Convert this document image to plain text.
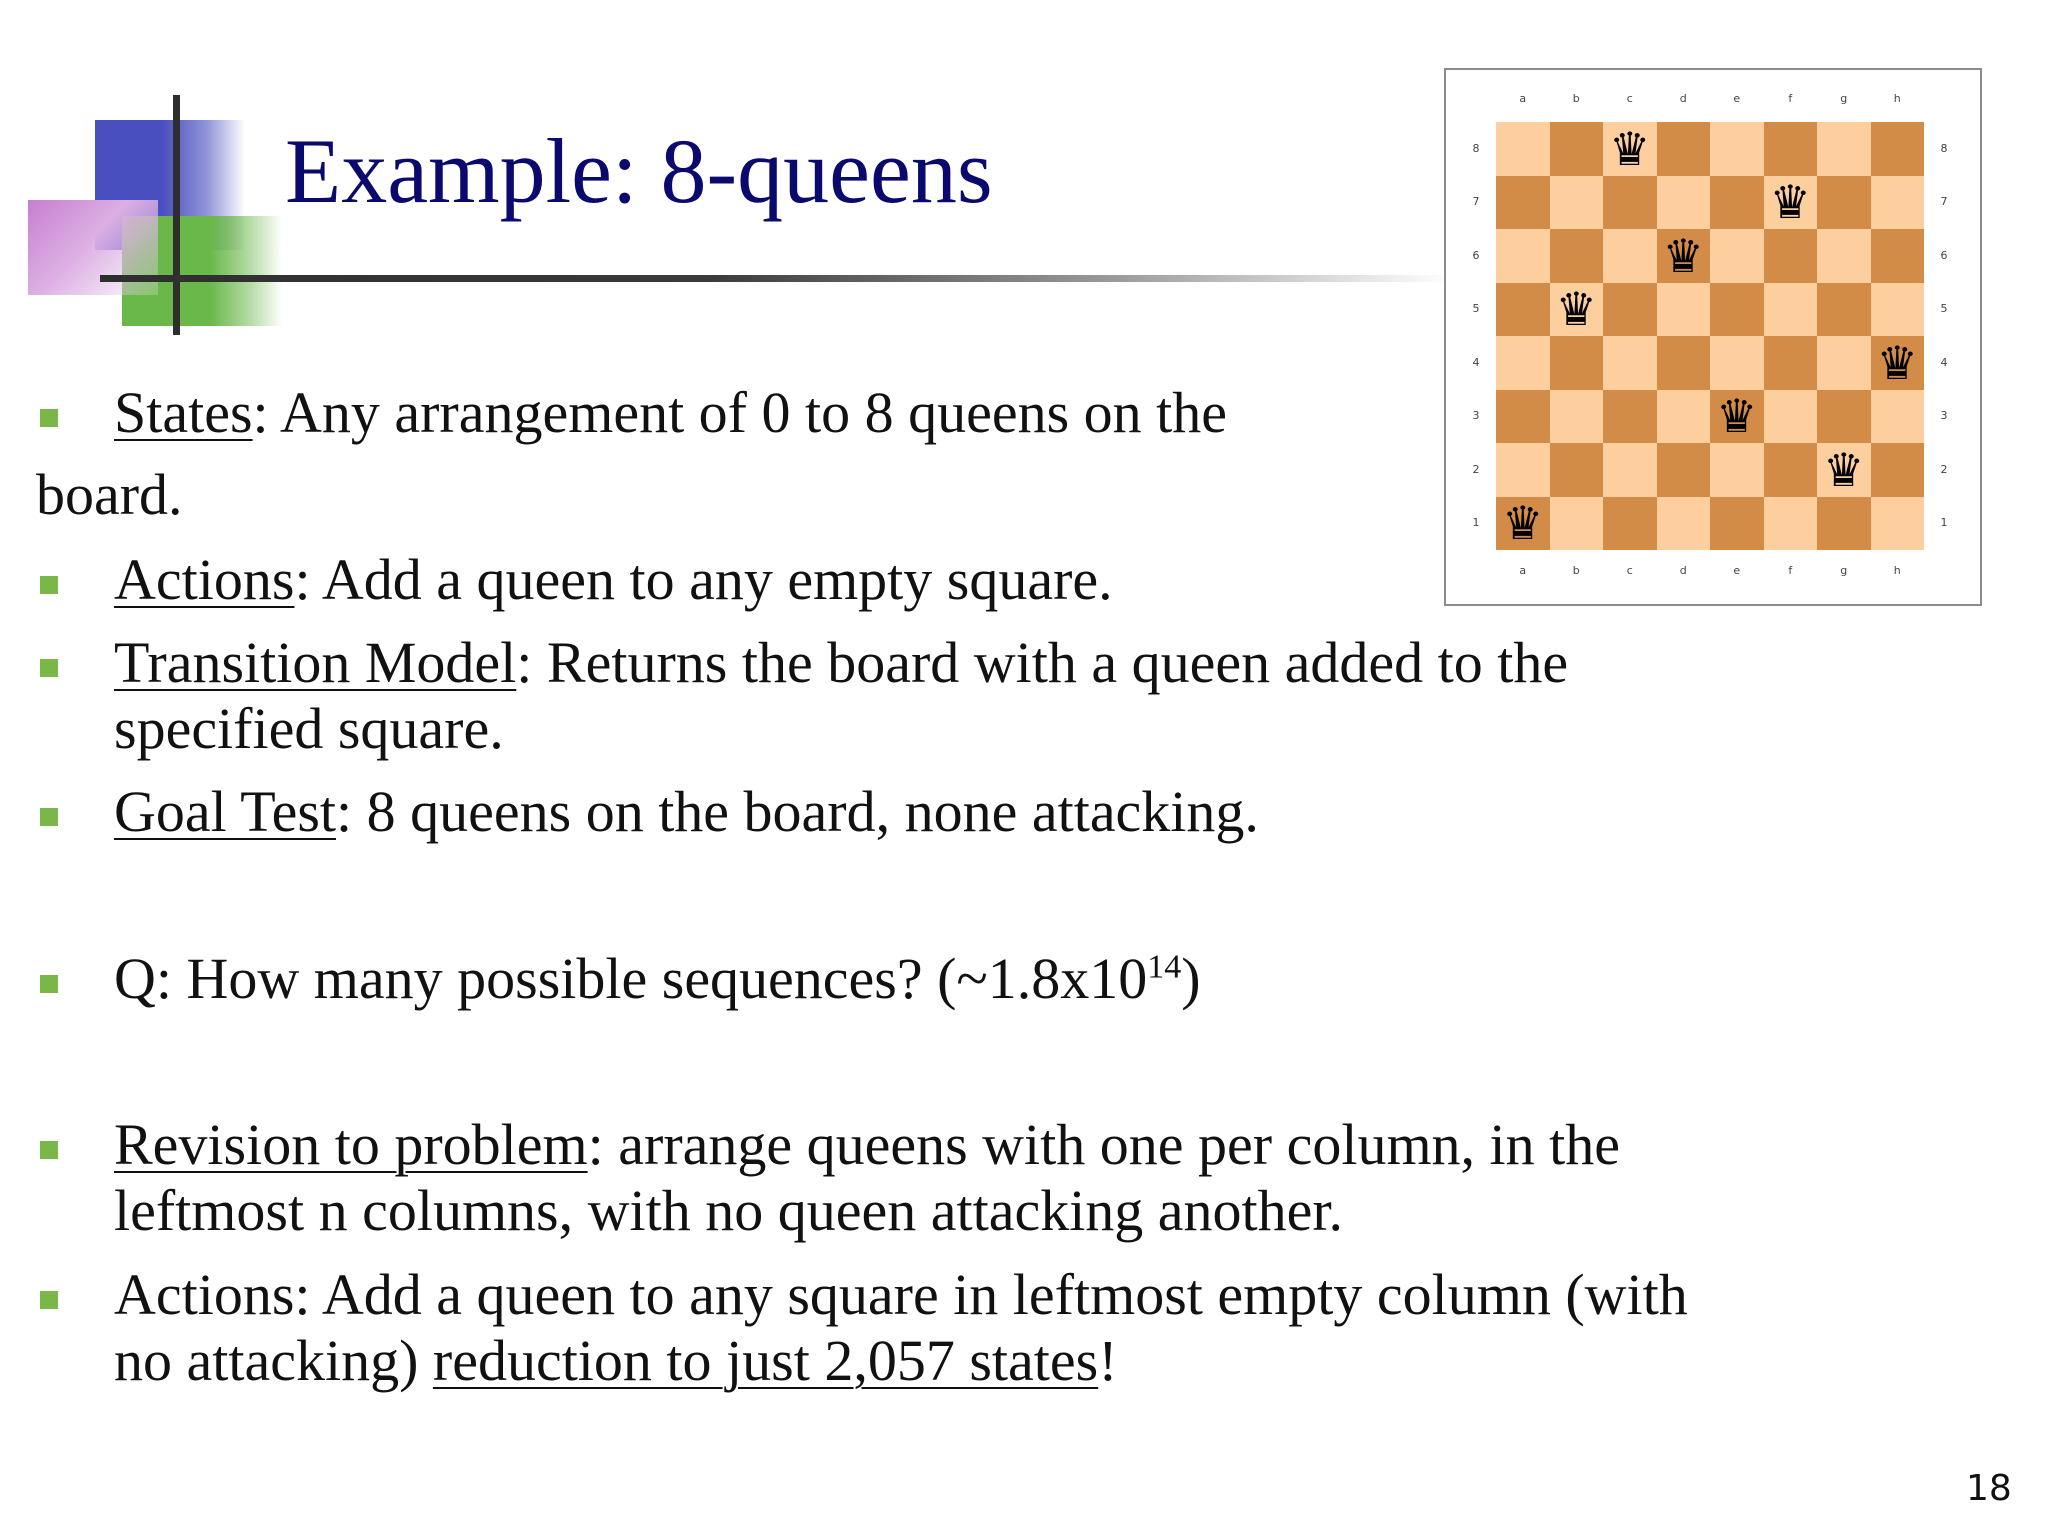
Example: 8-queens	♛
♛
♛
♛
♛
♛
♛
♛
a
a
b
b
c
c
d
d
e
e
f
f
g
g
h
h
8	8
7	7
6	6
5	5
4	4
3	3
2	2
1	1

States: Any arrangement of 0 to 8 queens on the

board.

Actions: Add a queen to any empty square.

Transition Model: Returns the board with a queen added to the

specified square.

Goal Test: 8 queens on the board, none attacking.

Q: How many possible sequences? $(\sim 1.8x10^{14})$

Revision to problem: arrange queens with one per column, in the

leftmost n columns, with no queen attacking another.

Actions: Add a queen to any square in leftmost empty column (with

no attacking) reduction to just 2,057 states!

18
